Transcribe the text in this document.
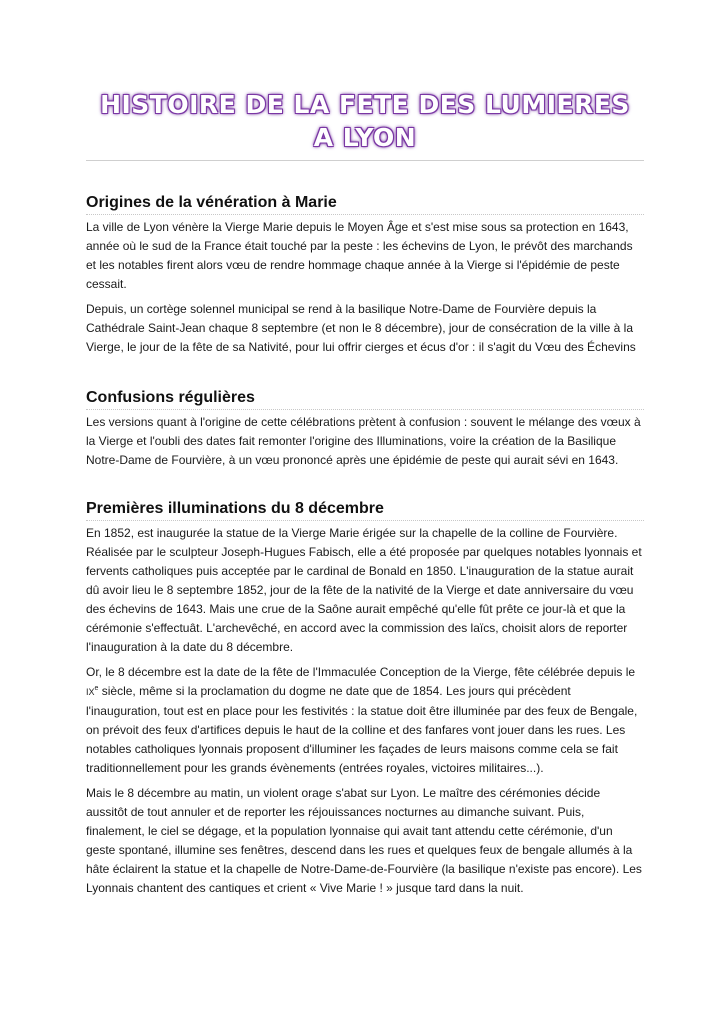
HISTOIRE DE LA FETE DES LUMIERES A LYON
Origines de la vénération à Marie

La ville de Lyon vénère la Vierge Marie depuis le Moyen Âge et s'est mise sous sa protection en 1643, année où le sud de la France était touché par la peste : les échevins de Lyon, le prévôt des marchands et les notables firent alors vœu de rendre hommage chaque année à la Vierge si l'épidémie de peste cessait.

Depuis, un cortège solennel municipal se rend à la basilique Notre-Dame de Fourvière depuis la Cathédrale Saint-Jean chaque 8 septembre (et non le 8 décembre), jour de consécration de la ville à la Vierge, le jour de la fête de sa Nativité, pour lui offrir cierges et écus d'or : il s'agit du Vœu des Échevins

Confusions régulières

Les versions quant à l'origine de cette célébrations prètent à confusion : souvent le mélange des vœux à la Vierge et l'oubli des dates fait remonter l'origine des Illuminations, voire la création de la Basilique Notre-Dame de Fourvière, à un vœu prononcé après une épidémie de peste qui aurait sévi en 1643.

Premières illuminations du 8 décembre

En 1852, est inaugurée la statue de la Vierge Marie érigée sur la chapelle de la colline de Fourvière. Réalisée par le sculpteur Joseph-Hugues Fabisch, elle a été proposée par quelques notables lyonnais et fervents catholiques puis acceptée par le cardinal de Bonald en 1850. L'inauguration de la statue aurait dû avoir lieu le 8 septembre 1852, jour de la fête de la nativité de la Vierge et date anniversaire du vœu des échevins de 1643. Mais une crue de la Saône aurait empêché qu'elle fût prête ce jour-là et que la cérémonie s'effectuât. L'archevêché, en accord avec la commission des laïcs, choisit alors de reporter l'inauguration à la date du 8 décembre.

Or, le 8 décembre est la date de la fête de l'Immaculée Conception de la Vierge, fête célébrée depuis le IXe siècle, même si la proclamation du dogme ne date que de 1854. Les jours qui précèdent l'inauguration, tout est en place pour les festivités : la statue doit être illuminée par des feux de Bengale, on prévoit des feux d'artifices depuis le haut de la colline et des fanfares vont jouer dans les rues. Les notables catholiques lyonnais proposent d'illuminer les façades de leurs maisons comme cela se fait traditionnellement pour les grands évènements (entrées royales, victoires militaires...).

Mais le 8 décembre au matin, un violent orage s'abat sur Lyon. Le maître des cérémonies décide aussitôt de tout annuler et de reporter les réjouissances nocturnes au dimanche suivant. Puis, finalement, le ciel se dégage, et la population lyonnaise qui avait tant attendu cette cérémonie, d'un geste spontané, illumine ses fenêtres, descend dans les rues et quelques feux de bengale allumés à la hâte éclairent la statue et la chapelle de Notre-Dame-de-Fourvière (la basilique n'existe pas encore). Les Lyonnais chantent des cantiques et crient « Vive Marie ! » jusque tard dans la nuit.
